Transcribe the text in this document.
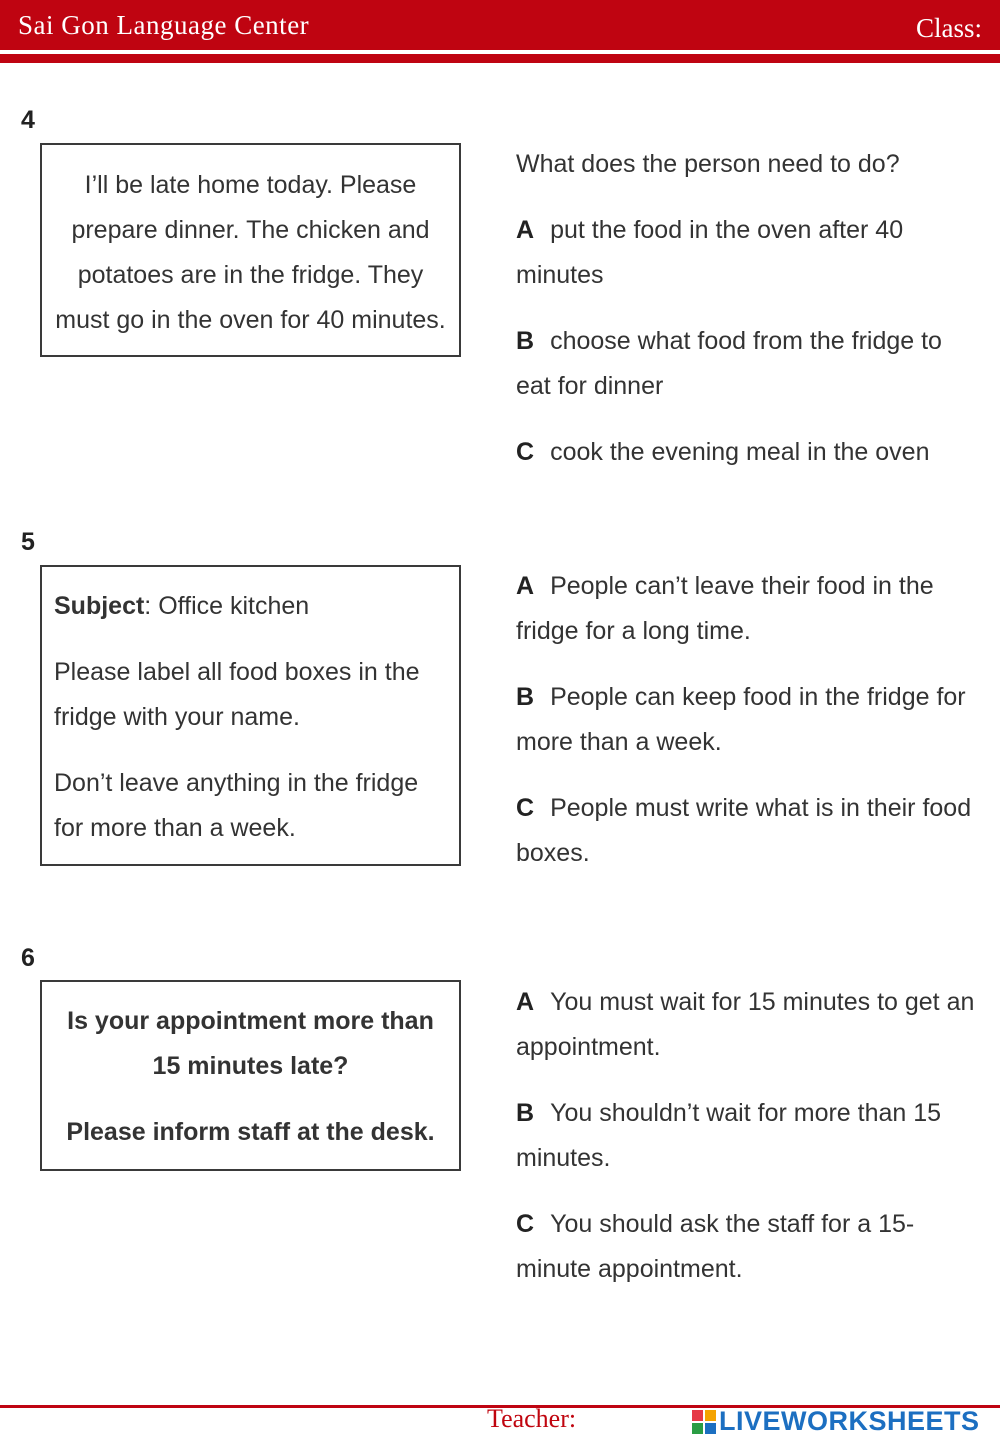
Sai Gon Language Center	Class:
4

I’ll be late home today. Please prepare dinner. The chicken and potatoes are in the fridge. They must go in the oven for 40 minutes.

What does the person need to do?

A put the food in the oven after 40 minutes

B choose what food from the fridge to eat for dinner

C cook the evening meal in the oven

5

Subject: Office kitchen

Please label all food boxes in the fridge with your name.

Don’t leave anything in the fridge for more than a week.

A People can’t leave their food in the fridge for a long time.

B People can keep food in the fridge for more than a week.

C People must write what is in their food boxes.

6

Is your appointment more than 15 minutes late?

Please inform staff at the desk.

A You must wait for 15 minutes to get an appointment.

B You shouldn’t wait for more than 15 minutes.

C You should ask the staff for a 15-minute appointment.

Teacher:	LIVEWORKSHEETS
